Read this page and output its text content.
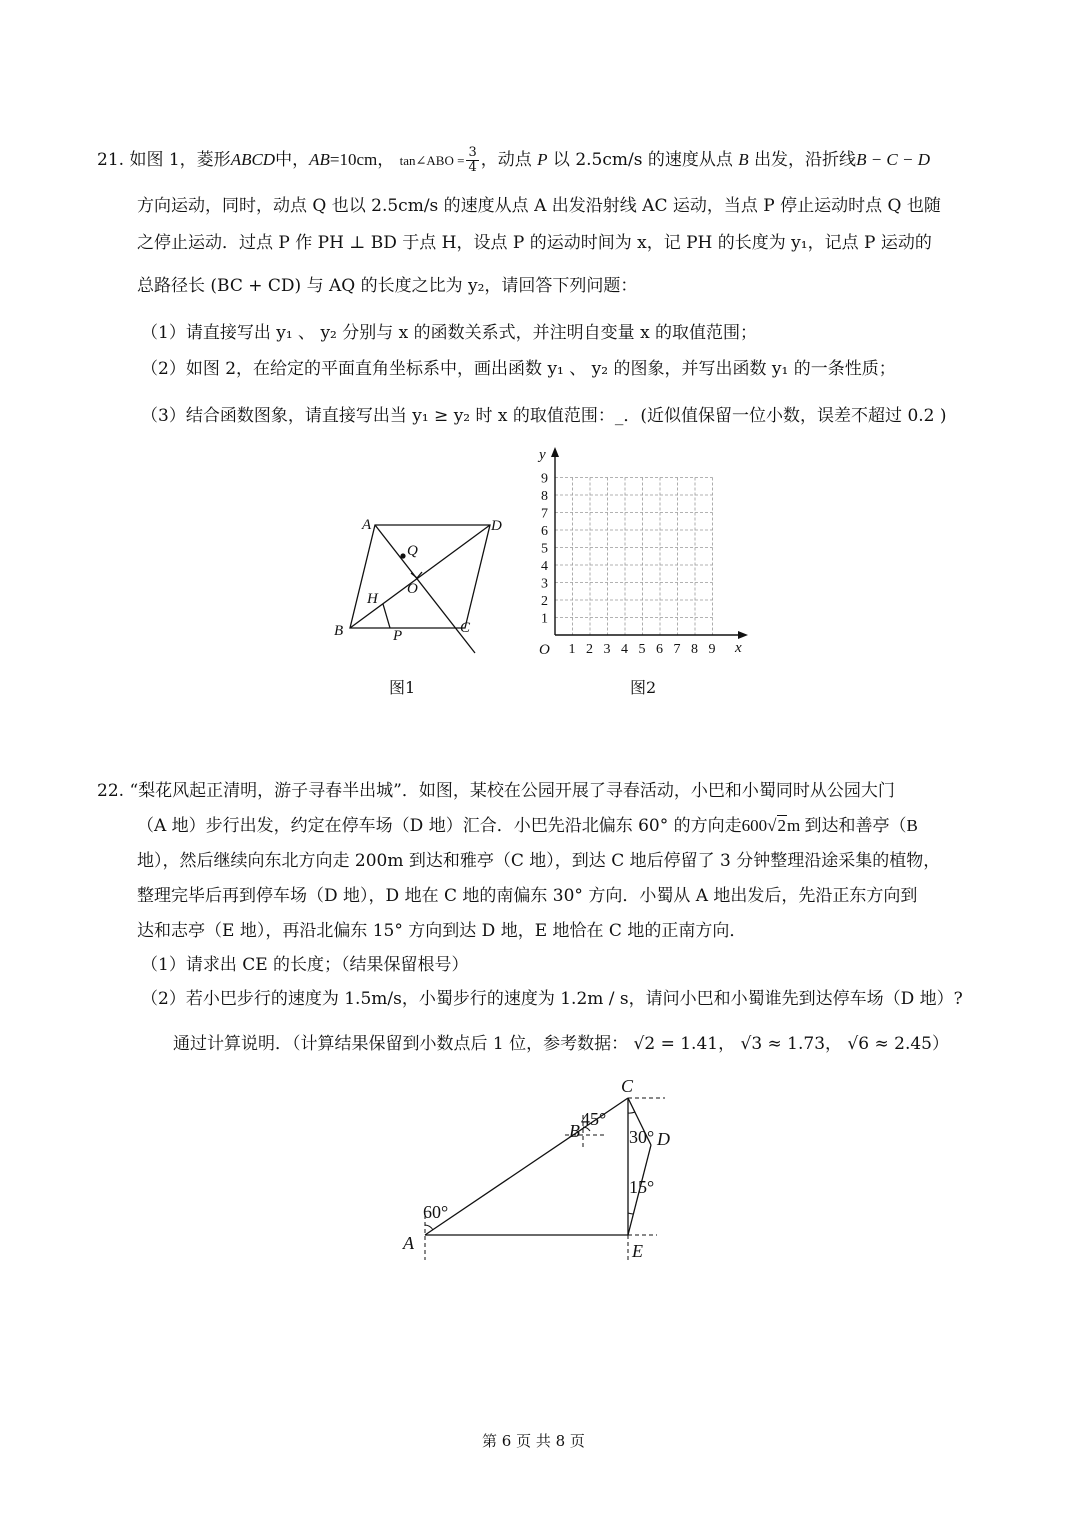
21. 如图 1，菱形ABCD中，AB=10cm， tan∠ABO = $\frac{3}{4}$ ，动点 P 以 2.5cm/s 的速度从点 B 出发，沿折线B − C − D
方向运动，同时，动点 Q 也以 2.5cm/s 的速度从点 A 出发沿射线 AC 运动，当点 P 停止运动时点 Q 也随
之停止运动．过点 P 作 PH ⊥ BD 于点 H，设点 P 的运动时间为 x，记 PH 的长度为 y₁，记点 P 运动的
总路径长 (BC + CD) 与 AQ 的长度之比为 y₂，请回答下列问题：
（1）请直接写出 y₁ 、 y₂ 分别与 x 的函数关系式，并注明自变量 x 的取值范围；
（2）如图 2，在给定的平面直角坐标系中，画出函数 y₁ 、 y₂ 的图象，并写出函数 y₁ 的一条性质；
（3）结合函数图象，请直接写出当 y₁ ≥ y₂ 时 x 的取值范围：_．(近似值保留一位小数，误差不超过 0.2 )
A	D
Q
O
H
B	P	C
图1
1
1
2
2
3
3
4
4
5
5
6
6
7
7
8
8
9
9
O	x
y
图2
22. “梨花风起正清明，游子寻春半出城”．如图，某校在公园开展了寻春活动，小巴和小蜀同时从公园大门
（A 地）步行出发，约定在停车场（D 地）汇合．小巴先沿北偏东 60° 的方向走600√2m 到达和善亭（B
地），然后继续向东北方向走 200m 到达和雅亭（C 地），到达 C 地后停留了 3 分钟整理沿途采集的植物，
整理完毕后再到停车场（D 地），D 地在 C 地的南偏东 30° 方向．小蜀从 A 地出发后，先沿正东方向到
达和志亭（E 地），再沿北偏东 15° 方向到达 D 地，E 地恰在 C 地的正南方向．
（1）请求出 CE 的长度；（结果保留根号）
（2）若小巴步行的速度为 1.5m/s，小蜀步行的速度为 1.2m / s，请问小巴和小蜀谁先到达停车场（D 地）?
通过计算说明．（计算结果保留到小数点后 1 位，参考数据： √2 = 1.41， √3 ≈ 1.73， √6 ≈ 2.45）
60°
45°
30°
15°
A
B
C
D
E
第 6 页 共 8 页
